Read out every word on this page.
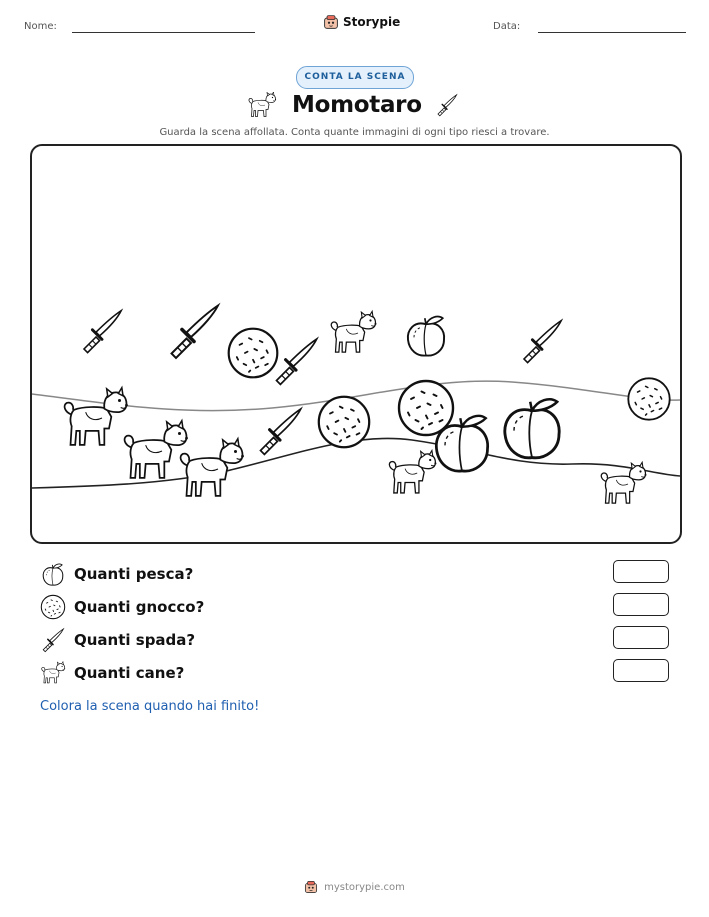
Nome:	Storypie	Data:
CONTA LA SCENA
Momotaro
Guarda la scena affollata. Conta quante immagini di ogni tipo riesci a trovare.
Quanti pesca?
Quanti gnocco?
Quanti spada?
Quanti cane?
Colora la scena quando hai finito!
mystorypie.com
